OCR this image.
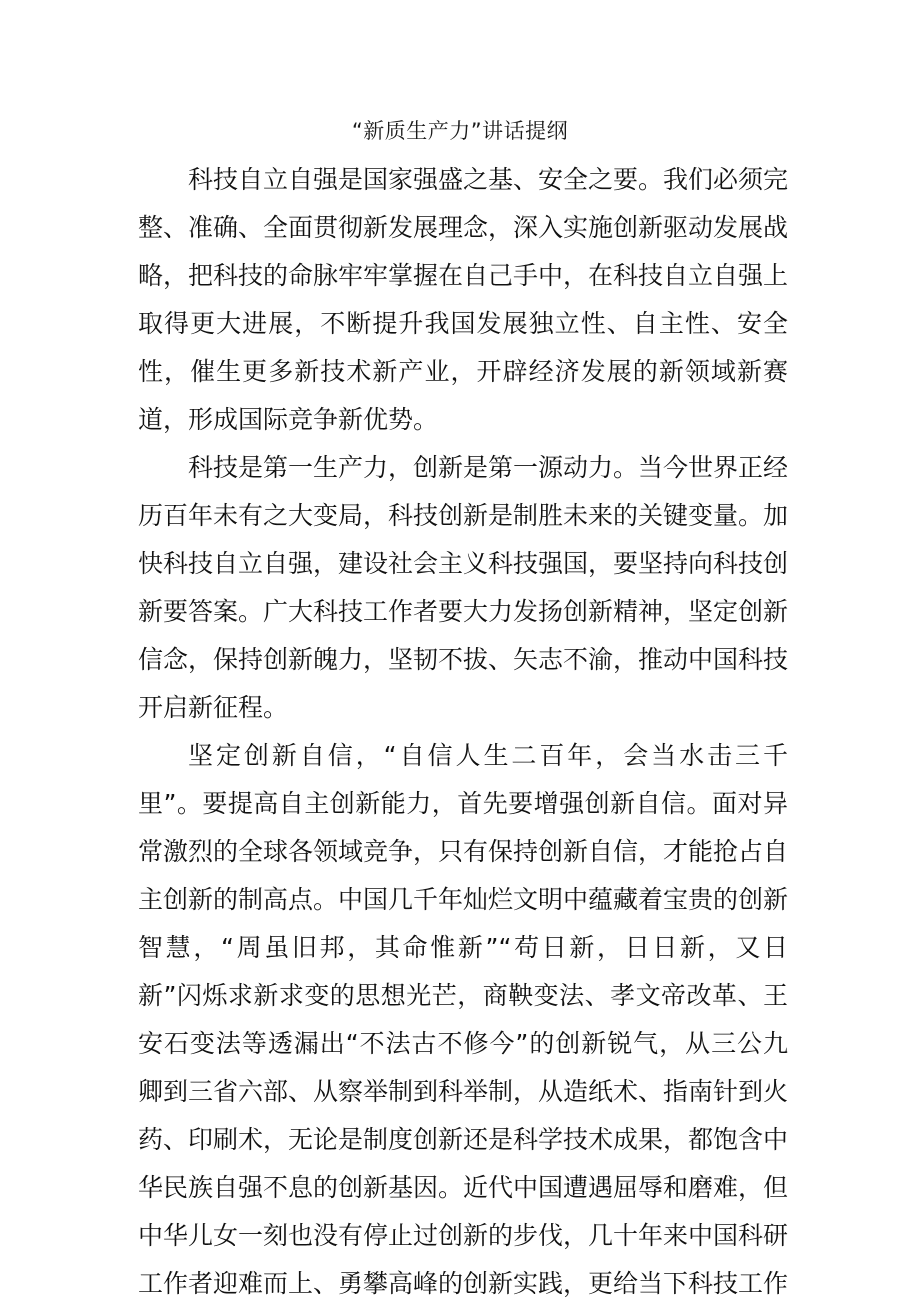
“新质生产力”讲话提纲

科技自立自强是国家强盛之基、安全之要。我们必须完整、准确、全面贯彻新发展理念，深入实施创新驱动发展战略，把科技的命脉牢牢掌握在自己手中，在科技自立自强上取得更大进展，不断提升我国发展独立性、自主性、安全性，催生更多新技术新产业，开辟经济发展的新领域新赛道，形成国际竞争新优势。

科技是第一生产力，创新是第一源动力。当今世界正经历百年未有之大变局，科技创新是制胜未来的关键变量。加快科技自立自强，建设社会主义科技强国，要坚持向科技创新要答案。广大科技工作者要大力发扬创新精神，坚定创新信念，保持创新魄力，坚韧不拔、矢志不渝，推动中国科技开启新征程。

坚定创新自信，“自信人生二百年，会当水击三千里”。要提高自主创新能力，首先要增强创新自信。面对异常激烈的全球各领域竞争，只有保持创新自信，才能抢占自主创新的制高点。中国几千年灿烂文明中蕴藏着宝贵的创新智慧，“周虽旧邦，其命惟新”“苟日新，日日新，又日新”闪烁求新求变的思想光芒，商鞅变法、孝文帝改革、王安石变法等透漏出“不法古不修今”的创新锐气，从三公九卿到三省六部、从察举制到科举制，从造纸术、指南针到火药、印刷术，无论是制度创新还是科学技术成果，都饱含中华民族自强不息的创新基因。近代中国遭遇屈辱和磨难，但中华儿女一刻也没有停止过创新的步伐，几十年来中国科研工作者迎难而上、勇攀高峰的创新实践，更给当下科技工作
